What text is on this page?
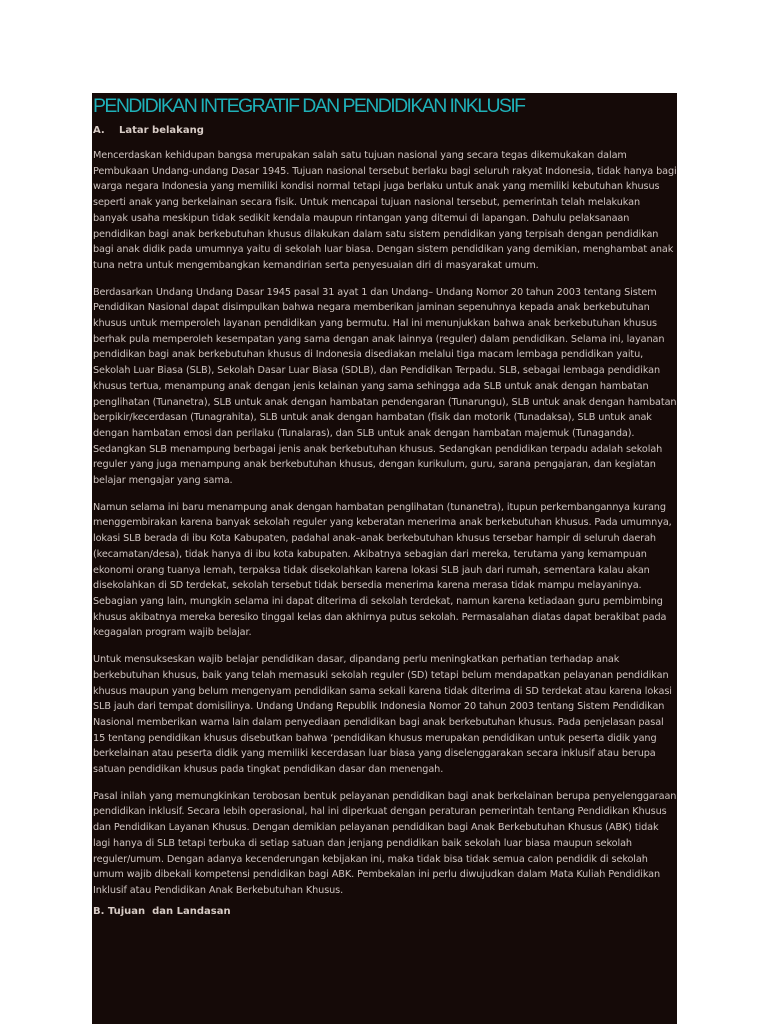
PENDIDIKAN INTEGRATIF DAN PENDIDIKAN INKLUSIF
A. Latar belakang

Mencerdaskan kehidupan bangsa merupakan salah satu tujuan nasional yang secara tegas dikemukakan dalam Pembukaan Undang-undang Dasar 1945. Tujuan nasional tersebut berlaku bagi seluruh rakyat Indonesia, tidak hanya bagi warga negara Indonesia yang memiliki kondisi normal tetapi juga berlaku untuk anak yang memiliki kebutuhan khusus seperti anak yang berkelainan secara fisik. Untuk mencapai tujuan nasional tersebut, pemerintah telah melakukan banyak usaha meskipun tidak sedikit kendala maupun rintangan yang ditemui di lapangan. Dahulu pelaksanaan pendidikan bagi anak berkebutuhan khusus dilakukan dalam satu sistem pendidikan yang terpisah dengan pendidikan bagi anak didik pada umumnya yaitu di sekolah luar biasa. Dengan sistem pendidikan yang demikian, menghambat anak tuna netra untuk mengembangkan kemandirian serta penyesuaian diri di masyarakat umum.

Berdasarkan Undang Undang Dasar 1945 pasal 31 ayat 1 dan Undang– Undang Nomor 20 tahun 2003 tentang Sistem Pendidikan Nasional dapat disimpulkan bahwa negara memberikan jaminan sepenuhnya kepada anak berkebutuhan khusus untuk memperoleh layanan pendidikan yang bermutu. Hal ini menunjukkan bahwa anak berkebutuhan khusus berhak pula memperoleh kesempatan yang sama dengan anak lainnya (reguler) dalam pendidikan. Selama ini, layanan pendidikan bagi anak berkebutuhan khusus di Indonesia disediakan melalui tiga macam lembaga pendidikan yaitu, Sekolah Luar Biasa (SLB), Sekolah Dasar Luar Biasa (SDLB), dan Pendidikan Terpadu. SLB, sebagai lembaga pendidikan khusus tertua, menampung anak dengan jenis kelainan yang sama sehingga ada SLB untuk anak dengan hambatan penglihatan (Tunanetra), SLB untuk anak dengan hambatan pendengaran (Tunarungu), SLB untuk anak dengan hambatan berpikir/kecerdasan (Tunagrahita), SLB untuk anak dengan hambatan (fisik dan motorik (Tunadaksa), SLB untuk anak dengan hambatan emosi dan perilaku (Tunalaras), dan SLB untuk anak dengan hambatan majemuk (Tunaganda). Sedangkan SLB menampung berbagai jenis anak berkebutuhan khusus. Sedangkan pendidikan terpadu adalah sekolah reguler yang juga menampung anak berkebutuhan khusus, dengan kurikulum, guru, sarana pengajaran, dan kegiatan belajar mengajar yang sama.

Namun selama ini baru menampung anak dengan hambatan penglihatan (tunanetra), itupun perkembangannya kurang menggembirakan karena banyak sekolah reguler yang keberatan menerima anak berkebutuhan khusus. Pada umumnya, lokasi SLB berada di ibu Kota Kabupaten, padahal anak–anak berkebutuhan khusus tersebar hampir di seluruh daerah (kecamatan/desa), tidak hanya di ibu kota kabupaten. Akibatnya sebagian dari mereka, terutama yang kemampuan ekonomi orang tuanya lemah, terpaksa tidak disekolahkan karena lokasi SLB jauh dari rumah, sementara kalau akan disekolahkan di SD terdekat, sekolah tersebut tidak bersedia menerima karena merasa tidak mampu melayaninya. Sebagian yang lain, mungkin selama ini dapat diterima di sekolah terdekat, namun karena ketiadaan guru pembimbing khusus akibatnya mereka beresiko tinggal kelas dan akhirnya putus sekolah. Permasalahan diatas dapat berakibat pada kegagalan program wajib belajar.

Untuk mensukseskan wajib belajar pendidikan dasar, dipandang perlu meningkatkan perhatian terhadap anak berkebutuhan khusus, baik yang telah memasuki sekolah reguler (SD) tetapi belum mendapatkan pelayanan pendidikan khusus maupun yang belum mengenyam pendidikan sama sekali karena tidak diterima di SD terdekat atau karena lokasi SLB jauh dari tempat domisilinya. Undang Undang Republik Indonesia Nomor 20 tahun 2003 tentang Sistem Pendidikan Nasional memberikan warna lain dalam penyediaan pendidikan bagi anak berkebutuhan khusus. Pada penjelasan pasal 15 tentang pendidikan khusus disebutkan bahwa ‘pendidikan khusus merupakan pendidikan untuk peserta didik yang berkelainan atau peserta didik yang memiliki kecerdasan luar biasa yang diselenggarakan secara inklusif atau berupa satuan pendidikan khusus pada tingkat pendidikan dasar dan menengah.

Pasal inilah yang memungkinkan terobosan bentuk pelayanan pendidikan bagi anak berkelainan berupa penyelenggaraan pendidikan inklusif. Secara lebih operasional, hal ini diperkuat dengan peraturan pemerintah tentang Pendidikan Khusus dan Pendidikan Layanan Khusus. Dengan demikian pelayanan pendidikan bagi Anak Berkebutuhan Khusus (ABK) tidak lagi hanya di SLB tetapi terbuka di setiap satuan dan jenjang pendidikan baik sekolah luar biasa maupun sekolah reguler/umum. Dengan adanya kecenderungan kebijakan ini, maka tidak bisa tidak semua calon pendidik di sekolah umum wajib dibekali kompetensi pendidikan bagi ABK. Pembekalan ini perlu diwujudkan dalam Mata Kuliah Pendidikan Inklusif atau Pendidikan Anak Berkebutuhan Khusus.

B. Tujuan  dan Landasan
